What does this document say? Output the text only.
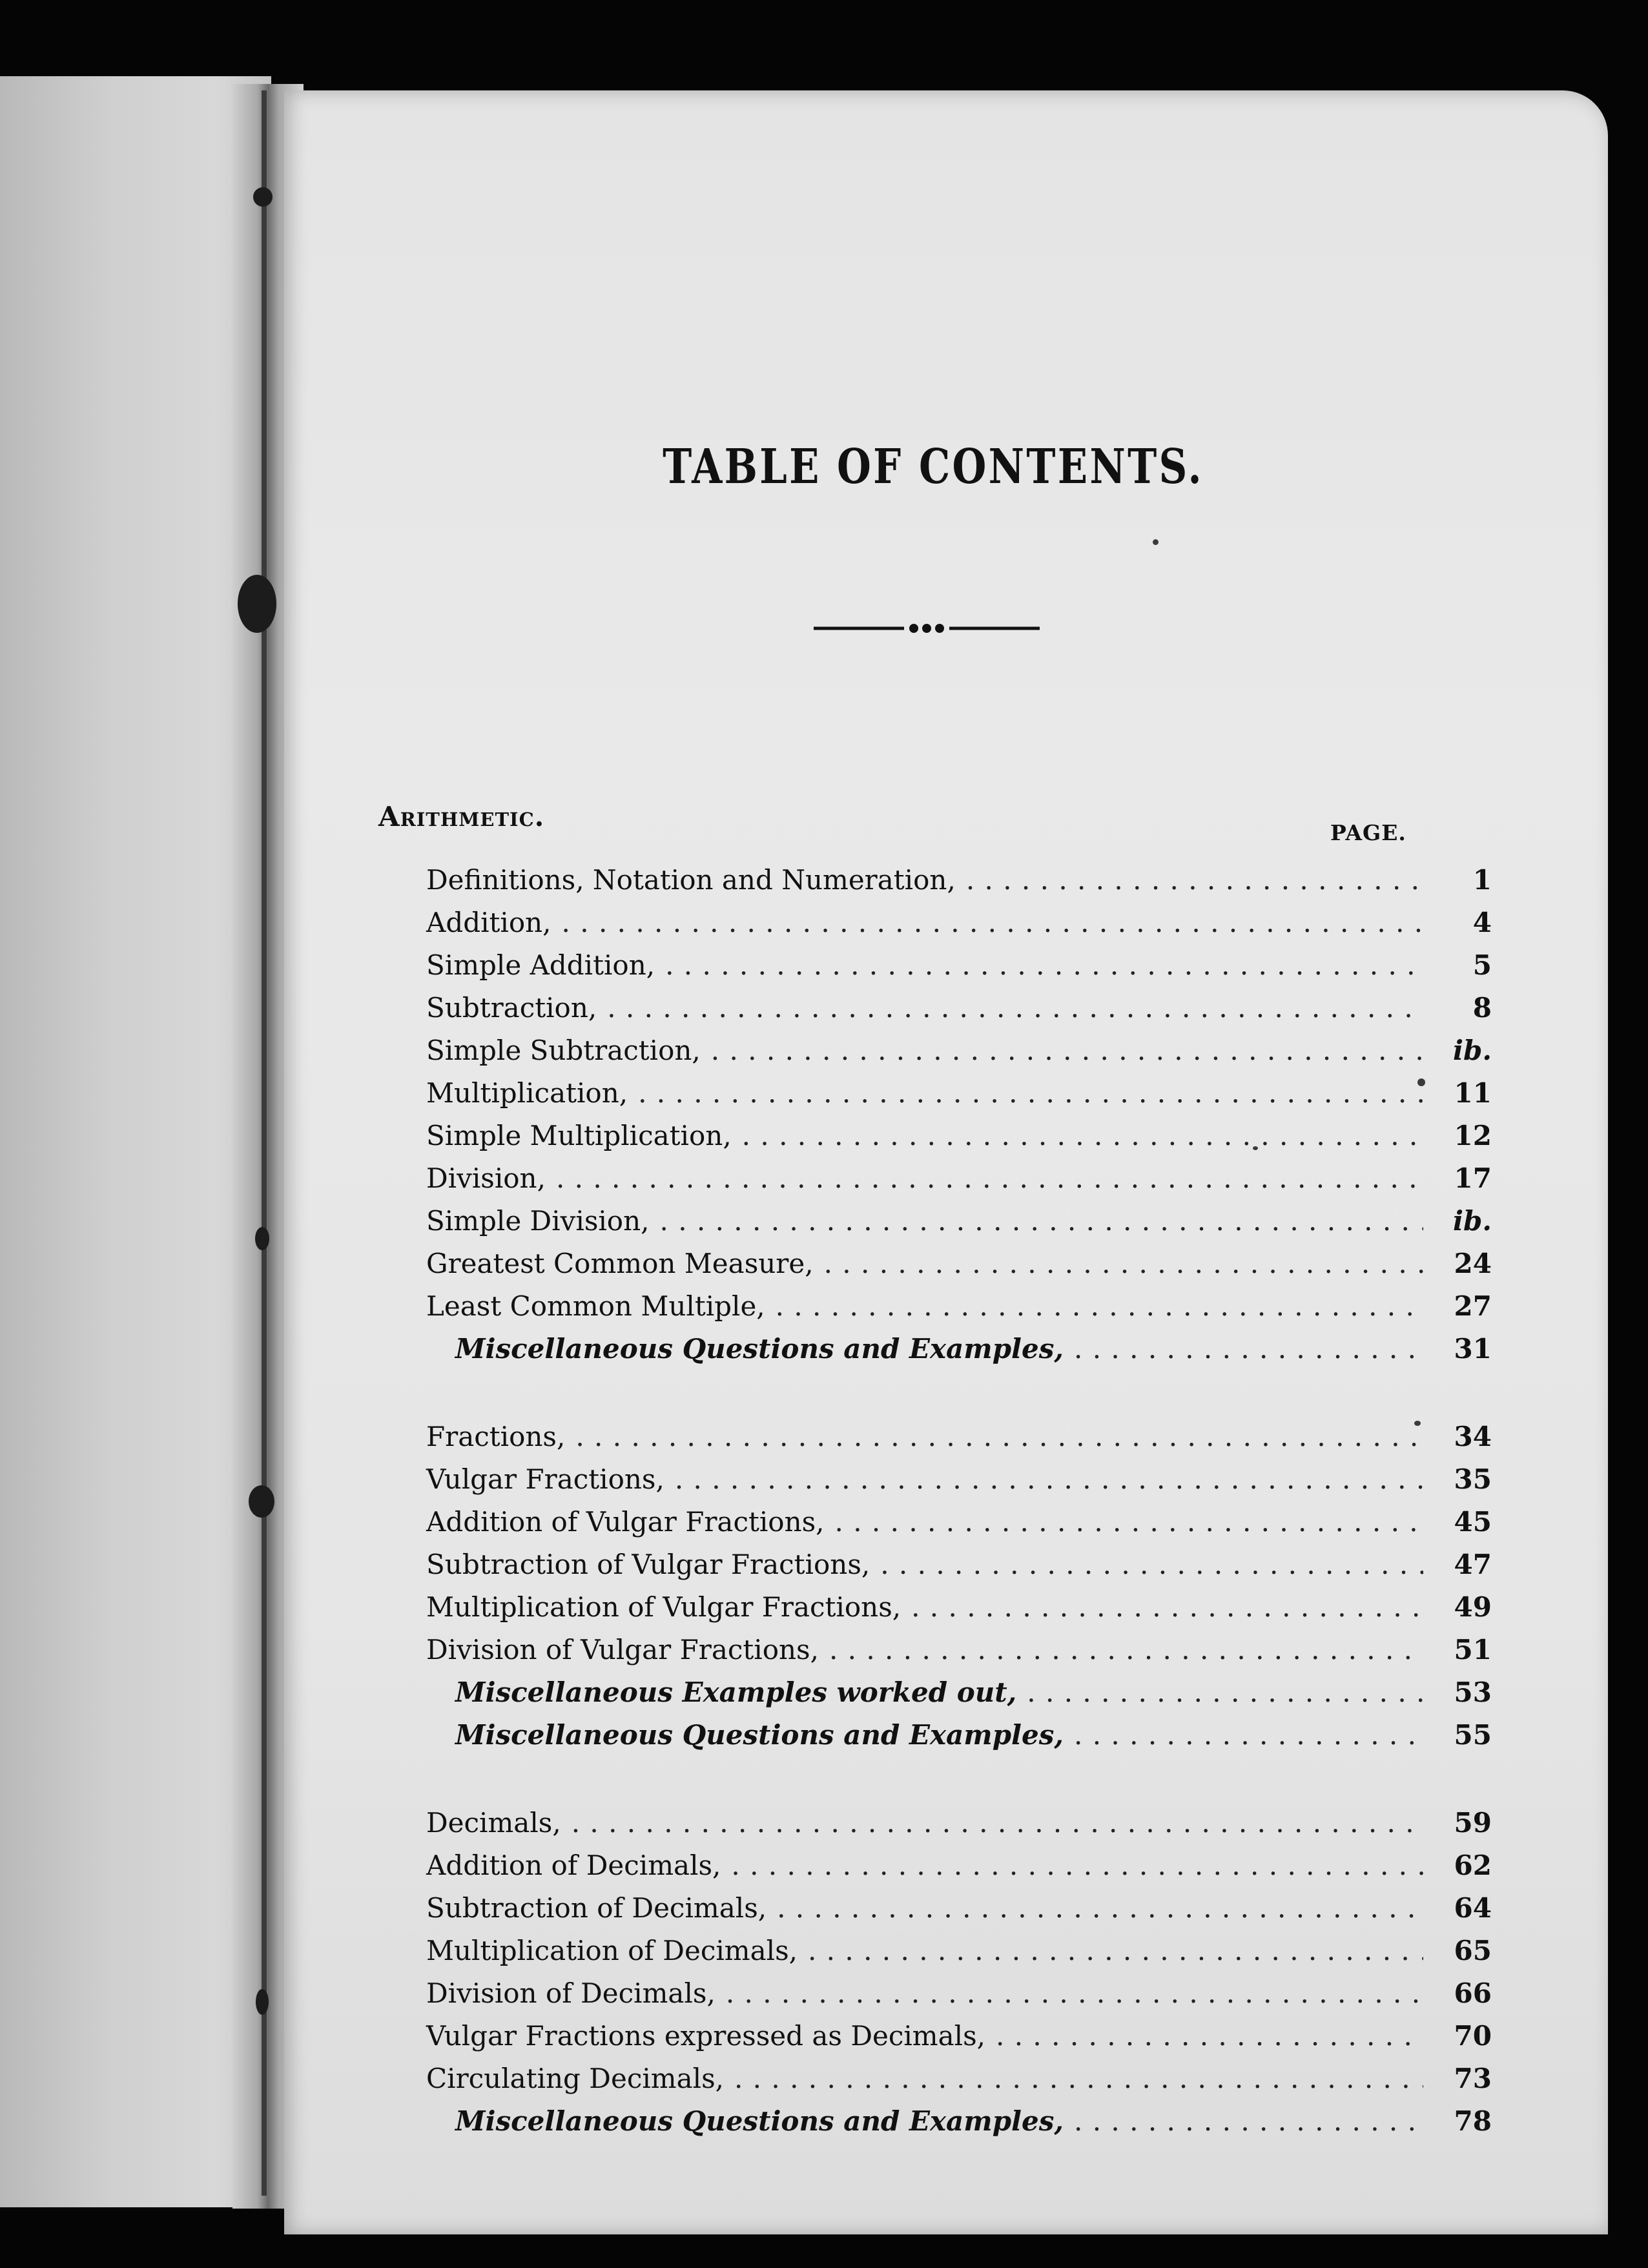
TABLE OF CONTENTS.
Arithmetic.
PAGE.
Definitions, Notation and Numeration, . . .	1
Addition, . . .	4
Simple Addition, . . .	5
Subtraction, . . .	8
Simple Subtraction, . . .	ib.
Multiplication, . . .	11
Simple Multiplication, . . .	12
Division, . . .	17
Simple Division, . . .	ib.
Greatest Common Measure, . . .	24
Least Common Multiple, . . .	27
Miscellaneous Questions and Examples, . . .	31
Fractions, . . .	34
Vulgar Fractions, . . .	35
Addition of Vulgar Fractions, . . .	45
Subtraction of Vulgar Fractions, . . .	47
Multiplication of Vulgar Fractions, . . .	49
Division of Vulgar Fractions, . . .	51
Miscellaneous Examples worked out, . . .	53
Miscellaneous Questions and Examples, . . .	55
Decimals, . . .	59
Addition of Decimals, . . .	62
Subtraction of Decimals, . . .	64
Multiplication of Decimals, . . .	65
Division of Decimals, . . .	66
Vulgar Fractions expressed as Decimals, . . .	70
Circulating Decimals, . . .	73
Miscellaneous Questions and Examples, . . .	78
